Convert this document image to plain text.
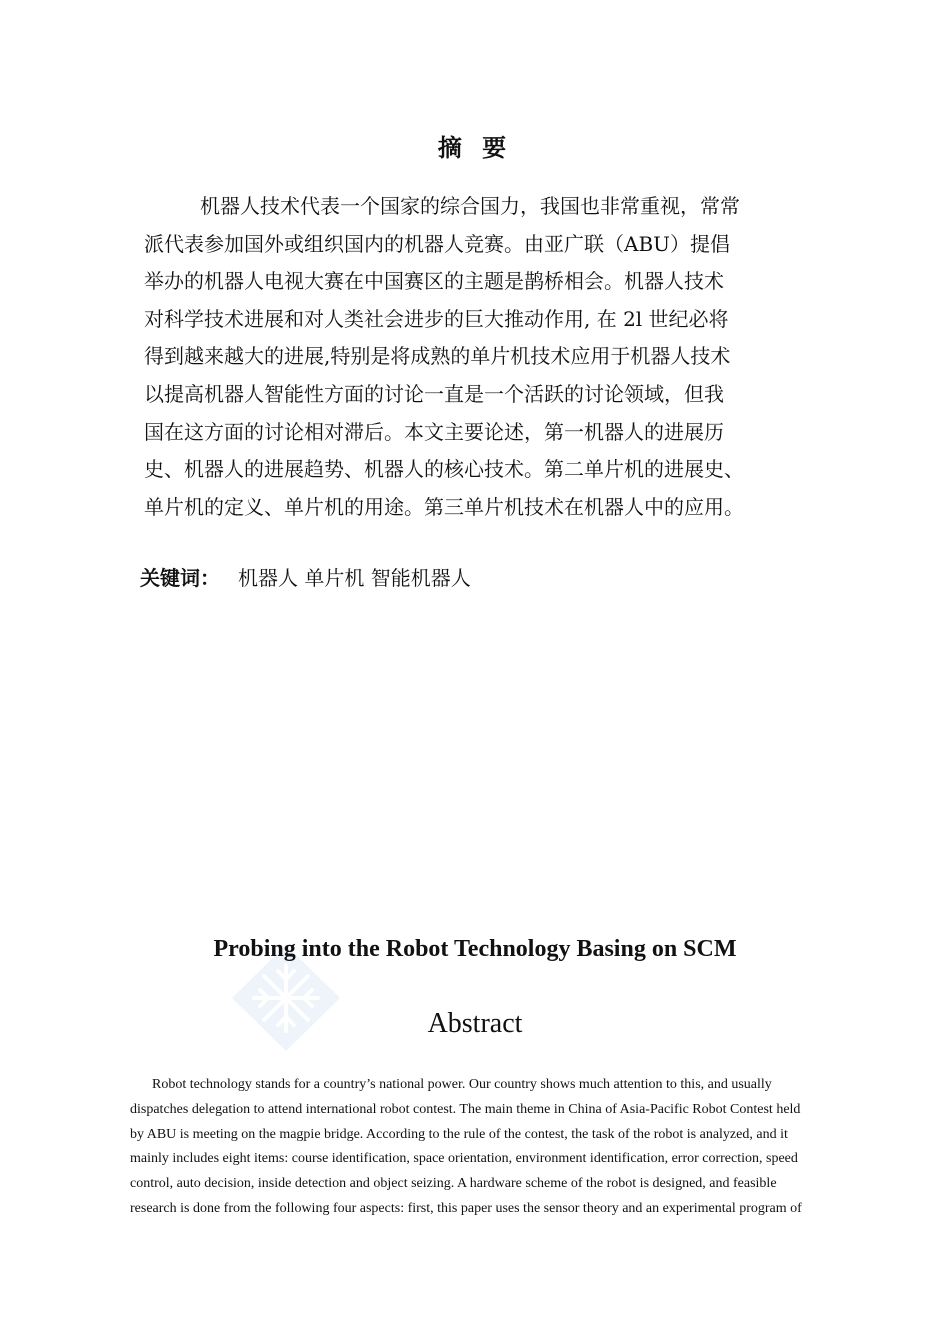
摘 要

机器人技术代表一个国家的综合国力，我国也非常重视，常常
派代表参加国外或组织国内的机器人竞赛。由亚广联（ABU）提倡
举办的机器人电视大赛在中国赛区的主题是鹊桥相会。机器人技术
对科学技术进展和对人类社会进步的巨大推动作用, 在 2l 世纪必将
得到越来越大的进展,特别是将成熟的单片机技术应用于机器人技术
以提高机器人智能性方面的讨论一直是一个活跃的讨论领域，但我
国在这方面的讨论相对滞后。本文主要论述，第一机器人的进展历
史、机器人的进展趋势、机器人的核心技术。第二单片机的进展史、
单片机的定义、单片机的用途。第三单片机技术在机器人中的应用。

关键词： 机器人 单片机 智能机器人
Probing into the Robot Technology Basing on SCM
Abstract

Robot technology stands for a country’s national power. Our country shows much attention to this, and usually
dispatches delegation to attend international robot contest. The main theme in China of Asia-Pacific Robot Contest held
by ABU is meeting on the magpie bridge. According to the rule of the contest, the task of the robot is analyzed, and it
mainly includes eight items: course identification, space orientation, environment identification, error correction, speed
control, auto decision, inside detection and object seizing. A hardware scheme of the robot is designed, and feasible
research is done from the following four aspects: first, this paper uses the sensor theory and an experimental program of
